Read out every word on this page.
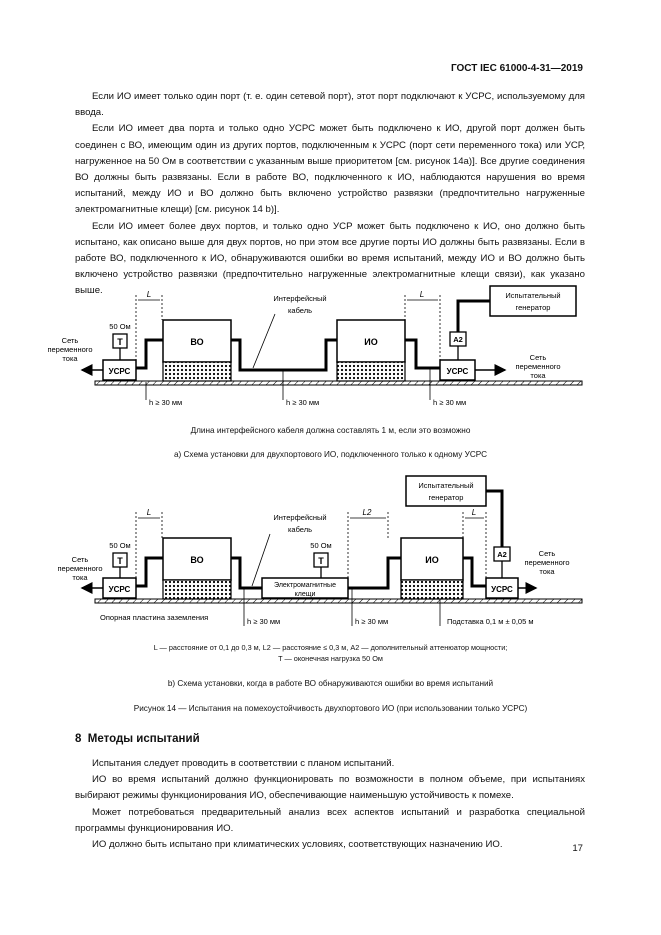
ГОСТ IEC 61000-4-31—2019

Если ИО имеет только один порт (т. е. один сетевой порт), этот порт подключают к УСРС, используемому для ввода.

Если ИО имеет два порта и только одно УСРС может быть подключено к ИО, другой порт должен быть соединен с ВО, имеющим один из других портов, подключенным к УСРС (порт сети переменного тока) или УСР, нагруженное на 50 Ом в соответствии с указанным выше приоритетом [см. рисунок 14а)]. Все другие соединения ВО должны быть развязаны. Если в работе ВО, подключенного к ИО, наблюдаются нарушения во время испытаний, между ИО и ВО должно быть включено устройство развязки (предпочтительно нагруженные электромагнитные клещи) [см. рисунок 14 b)].

Если ИО имеет более двух портов, и только одно УСР может быть подключено к ИО, оно должно быть испытано, как описано выше для двух портов, но при этом все другие порты ИО должны быть развязаны. Если в работе ВО, подключенного к ИО, обнаруживаются ошибки во время испытаний, между ИО и ВО должно быть включено устройство развязки (предпочтительно нагруженные электромагнитные клещи связи), как указано выше.

УСРС
Сеть
переменного
тока
T
50 Ом
L
ВО
Интерфейсный
кабель
ИО
L
УСРС
Сеть
переменного
тока
A2
Испытательный
генератор
h ≥ 30 мм	h ≥ 30 мм	h ≥ 30 мм
УСРС
Сеть
переменного
тока
T
50 Ом
L
ВО
Интерфейсный
кабель
Электромагнитные
клещи
T
50 Ом
L2
ИО
L
УСРС
Сеть
переменного
тока
A2
Испытательный
генератор
Опорная пластина заземления	h ≥ 30 мм	h ≥ 30 мм	Подставка 0,1 м ± 0,05 м
Длина интерфейсного кабеля должна составлять 1 м, если это возможно
а) Схема установки для двухпортового ИО, подключенного только к одному УСРС
L — расстояние от 0,1 до 0,3 м, L2 — расстояние ≤ 0,3 м, A2 — дополнительный аттенюатор мощности;
T — оконечная нагрузка 50 Ом
b) Схема установки, когда в работе ВО обнаруживаются ошибки во время испытаний
Рисунок 14 — Испытания на помехоустойчивость двухпортового ИО (при использовании только УСРС)
8 Методы испытаний

Испытания следует проводить в соответствии с планом испытаний.

ИО во время испытаний должно функционировать по возможности в полном объеме, при испытаниях выбирают режимы функционирования ИО, обеспечивающие наименьшую устойчивость к помехе.

Может потребоваться предварительный анализ всех аспектов испытаний и разработка специальной программы функционирования ИО.

ИО должно быть испытано при климатических условиях, соответствующих назначению ИО.	17
